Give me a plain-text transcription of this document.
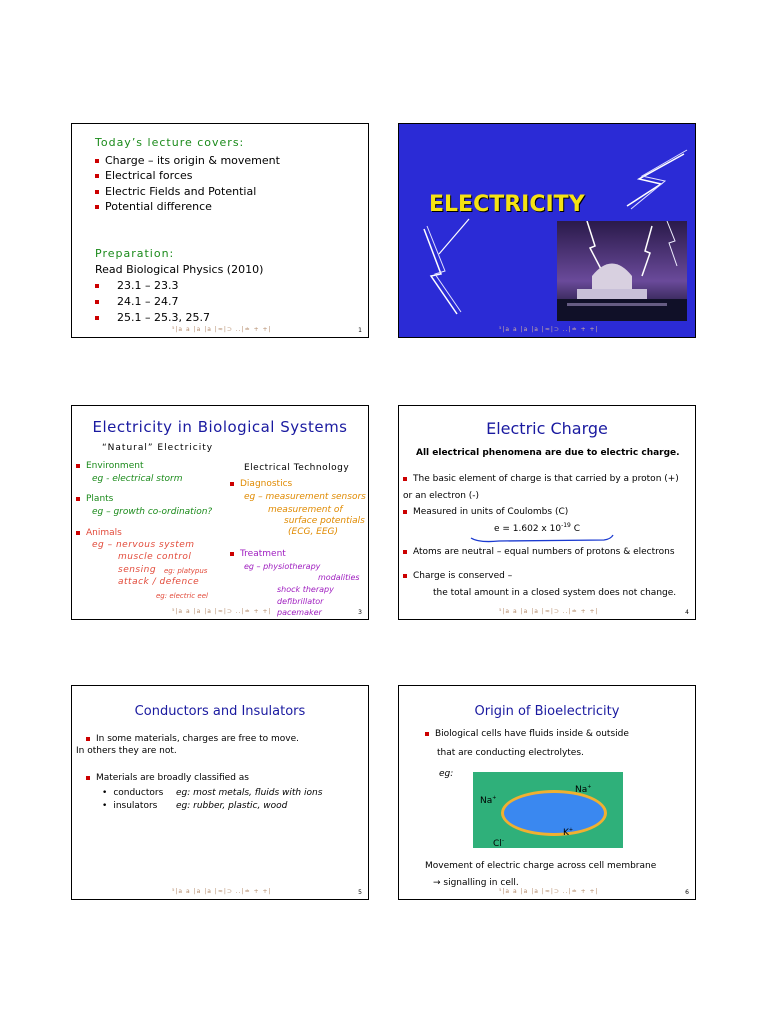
Today’s lecture covers:
Charge – its origin & movement
Electrical forces
Electric Fields and Potential
Potential difference
Preparation:
Read Biological Physics (2010)
23.1 – 23.3
24.1 – 24.7
25.1 – 25.3, 25.7
⁵|a a |a |a |≈|⊃ ..|≐ + +|	1
ELECTRICITY
⁵|a a |a |a |≈|⊃ ..|≐ + +|
Electricity in Biological Systems
“Natural” Electricity
Electrical Technology
Environment
eg - electrical storm
Plants
eg – growth co-ordination?
Animals
eg – nervous system
muscle control
sensing eg: platypus
attack / defence
eg: electric eel
Diagnostics
eg – measurement sensors
measurement of
surface potentials
(ECG, EEG)
Treatment
eg – physiotherapy
modalities
shock therapy
defibrillator
pacemaker
⁵|a a |a |a |≈|⊃ ..|≐ + +|	3
Electric Charge
All electrical phenomena are due to electric charge.
The basic element of charge is that carried by a proton (+)
or an electron (-)
Measured in units of Coulombs (C)
e = 1.602 x $10^{-19}$ C
Atoms are neutral – equal numbers of protons & electrons
Charge is conserved –
the total amount in a closed system does not change.
⁵|a a |a |a |≈|⊃ ..|≐ + +|	4
Conductors and Insulators
In some materials, charges are free to move.
In others they are not.
Materials are broadly classified as
• conductors eg: most metals, fluids with ions
• insulators eg: rubber, plastic, wood
⁵|a a |a |a |≈|⊃ ..|≐ + +|	5
Origin of Bioelectricity
Biological cells have fluids inside & outside
that are conducting electrolytes.
eg:
Na+
Na+
K+
Cl–
Movement of electric charge across cell membrane
→ signalling in cell.
⁵|a a |a |a |≈|⊃ ..|≐ + +|	6
